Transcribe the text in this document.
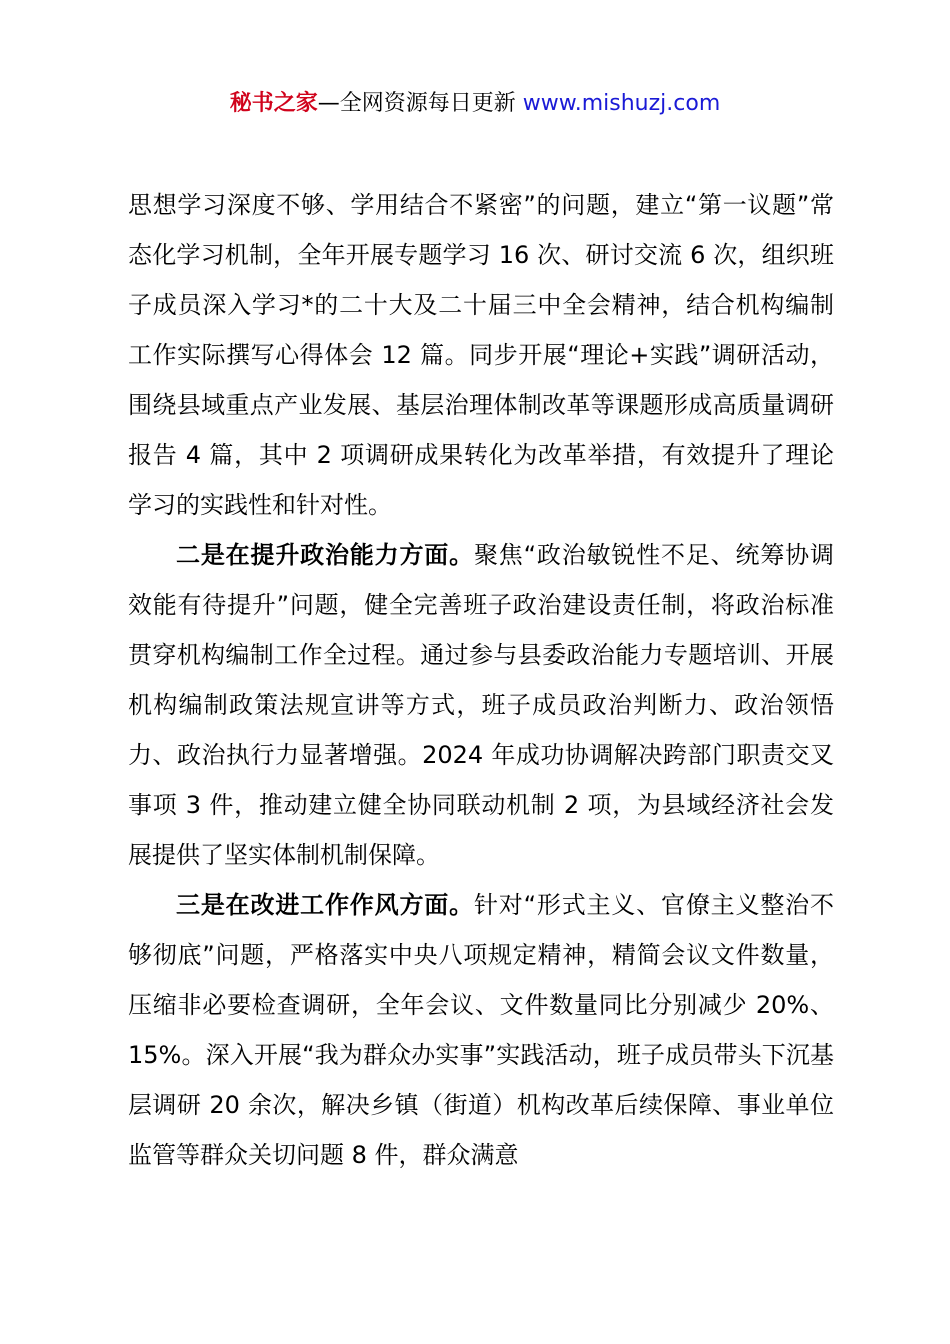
秘书之家—全网资源每日更新 www.mishuzj.com

思想学习深度不够、学用结合不紧密”的问题，建立“第一议题”常态化学习机制，全年开展专题学习 16 次、研讨交流 6 次，组织班子成员深入学习*的二十大及二十届三中全会精神，结合机构编制工作实际撰写心得体会 12 篇。同步开展“理论+实践”调研活动，围绕县域重点产业发展、基层治理体制改革等课题形成高质量调研报告 4 篇，其中 2 项调研成果转化为改革举措，有效提升了理论学习的实践性和针对性。

二是在提升政治能力方面。聚焦“政治敏锐性不足、统筹协调效能有待提升”问题，健全完善班子政治建设责任制，将政治标准贯穿机构编制工作全过程。通过参与县委政治能力专题培训、开展机构编制政策法规宣讲等方式，班子成员政治判断力、政治领悟力、政治执行力显著增强。2024 年成功协调解决跨部门职责交叉事项 3 件，推动建立健全协同联动机制 2 项，为县域经济社会发展提供了坚实体制机制保障。

三是在改进工作作风方面。针对“形式主义、官僚主义整治不够彻底”问题，严格落实中央八项规定精神，精简会议文件数量，压缩非必要检查调研，全年会议、文件数量同比分别减少 20%、15%。深入开展“我为群众办实事”实践活动，班子成员带头下沉基层调研 20 余次，解决乡镇（街道）机构改革后续保障、事业单位监管等群众关切问题 8 件，群众满意
